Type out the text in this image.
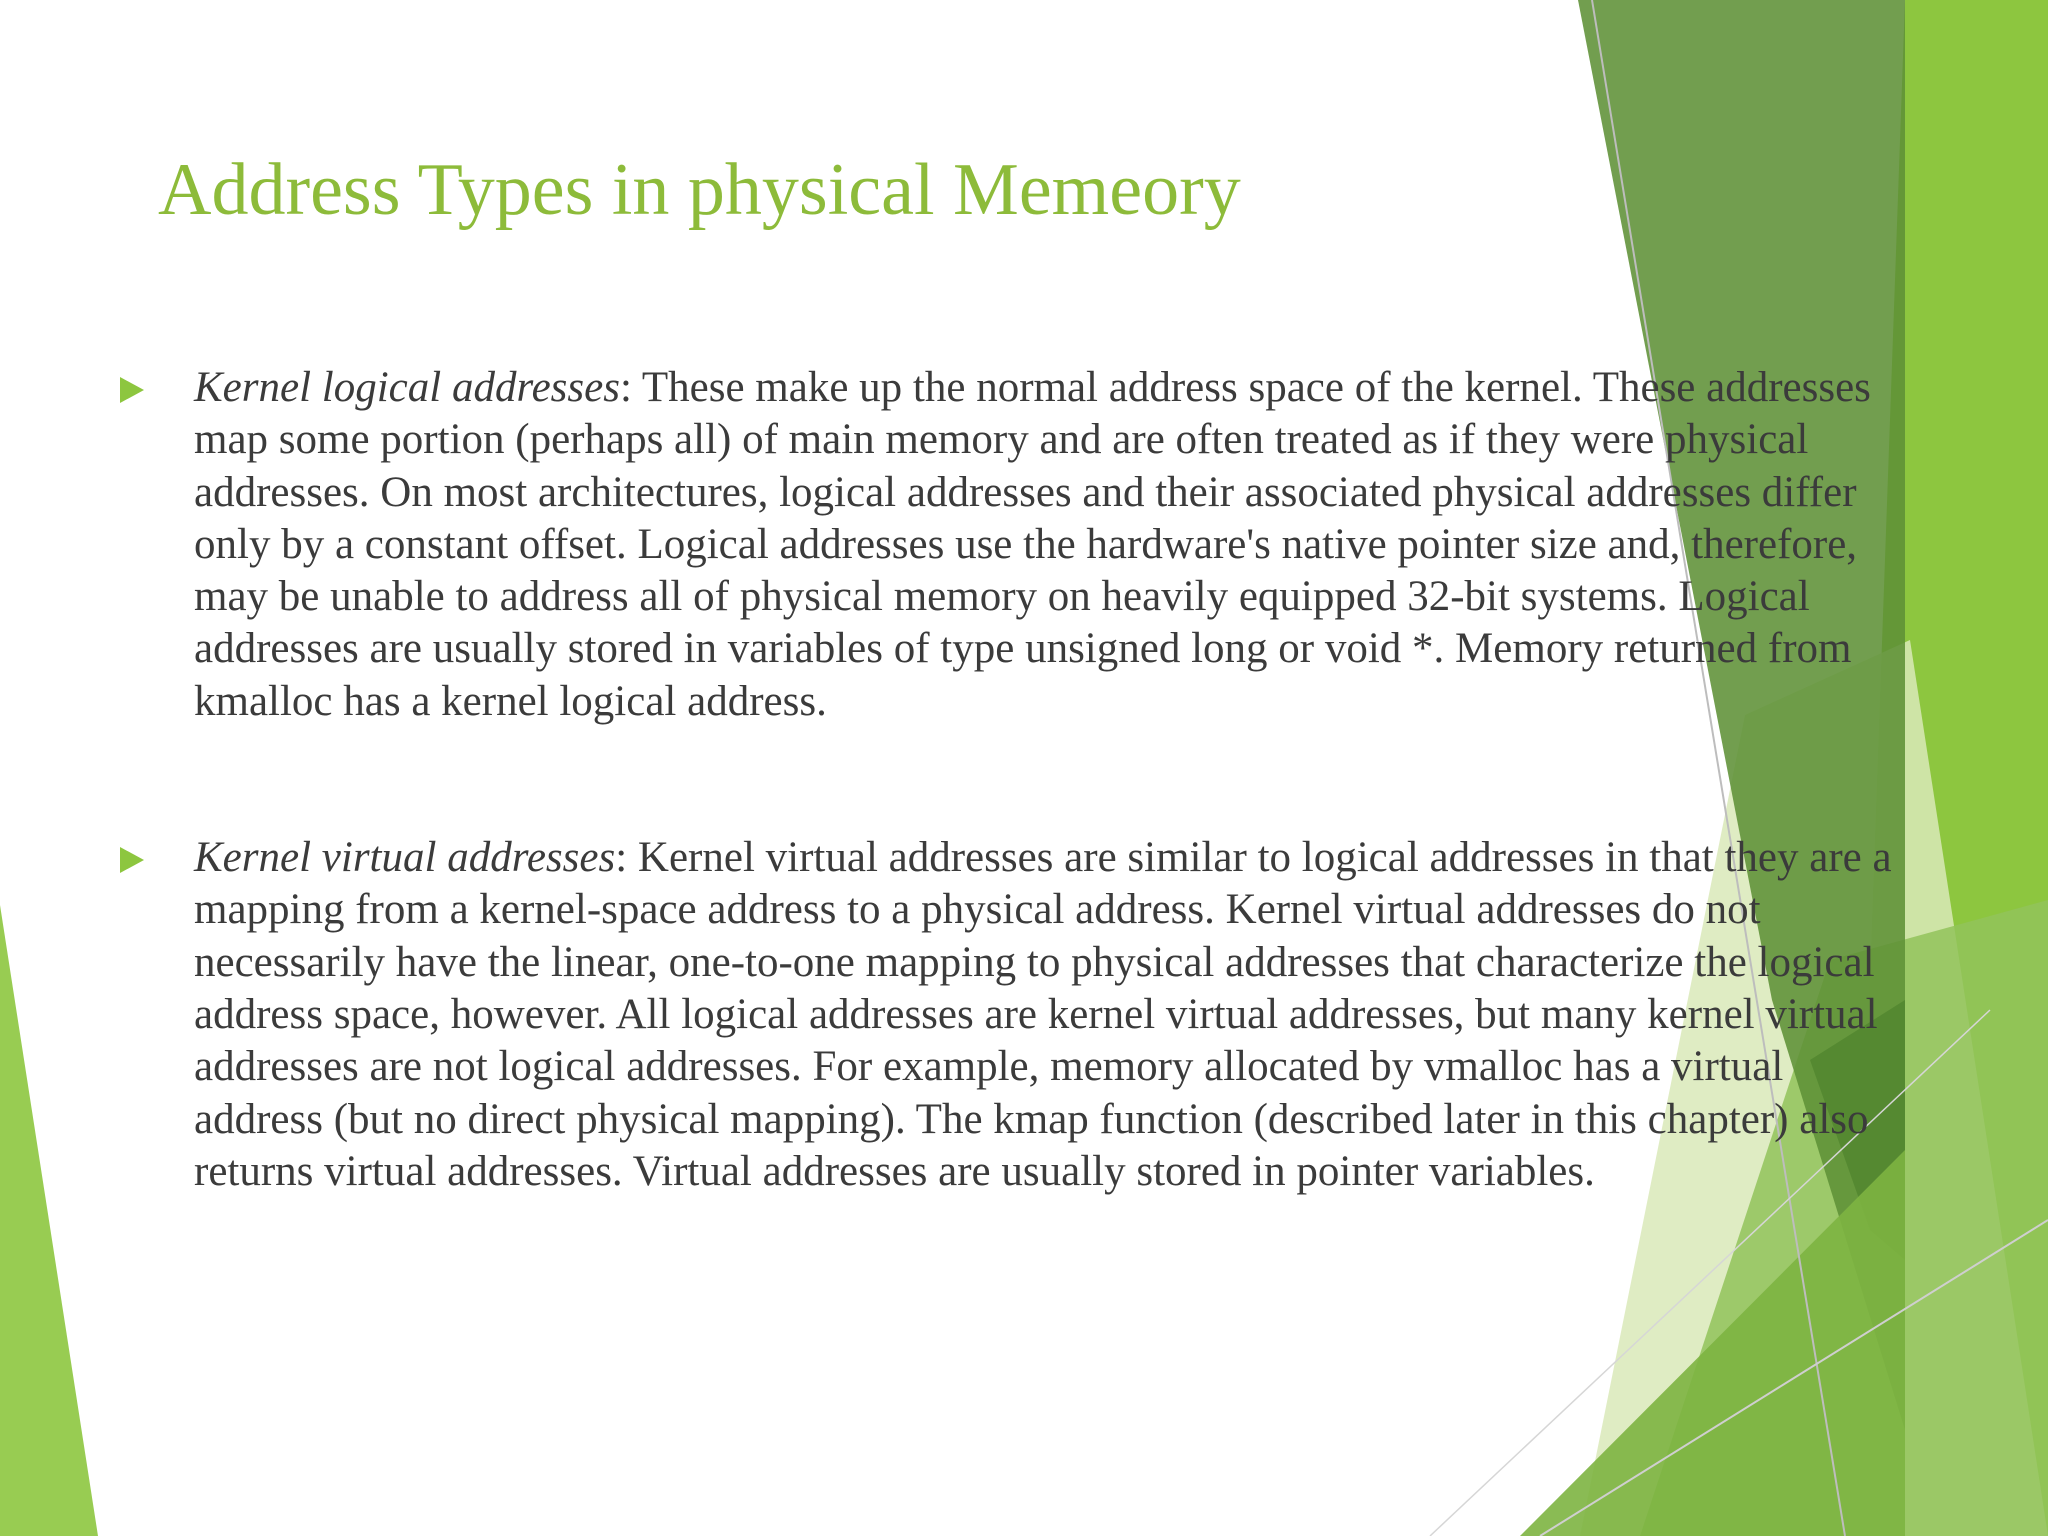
Address Types in physical Memeory
Kernel logical addresses: These make up the normal address space of the kernel. These addresses map some portion (perhaps all) of main memory and are often treated as if they were physical addresses. On most architectures, logical addresses and their associated physical addresses differ only by a constant offset. Logical addresses use the hardware's native pointer size and, therefore, may be unable to address all of physical memory on heavily equipped 32-bit systems. Logical addresses are usually stored in variables of type unsigned long or void *. Memory returned from kmalloc has a kernel logical address.
Kernel virtual addresses: Kernel virtual addresses are similar to logical addresses in that they are a mapping from a kernel-space address to a physical address. Kernel virtual addresses do not necessarily have the linear, one-to-one mapping to physical addresses that characterize the logical address space, however. All logical addresses are kernel virtual addresses, but many kernel virtual addresses are not logical addresses. For example, memory allocated by vmalloc has a virtual address (but no direct physical mapping). The kmap function (described later in this chapter) also returns virtual addresses. Virtual addresses are usually stored in pointer variables.
